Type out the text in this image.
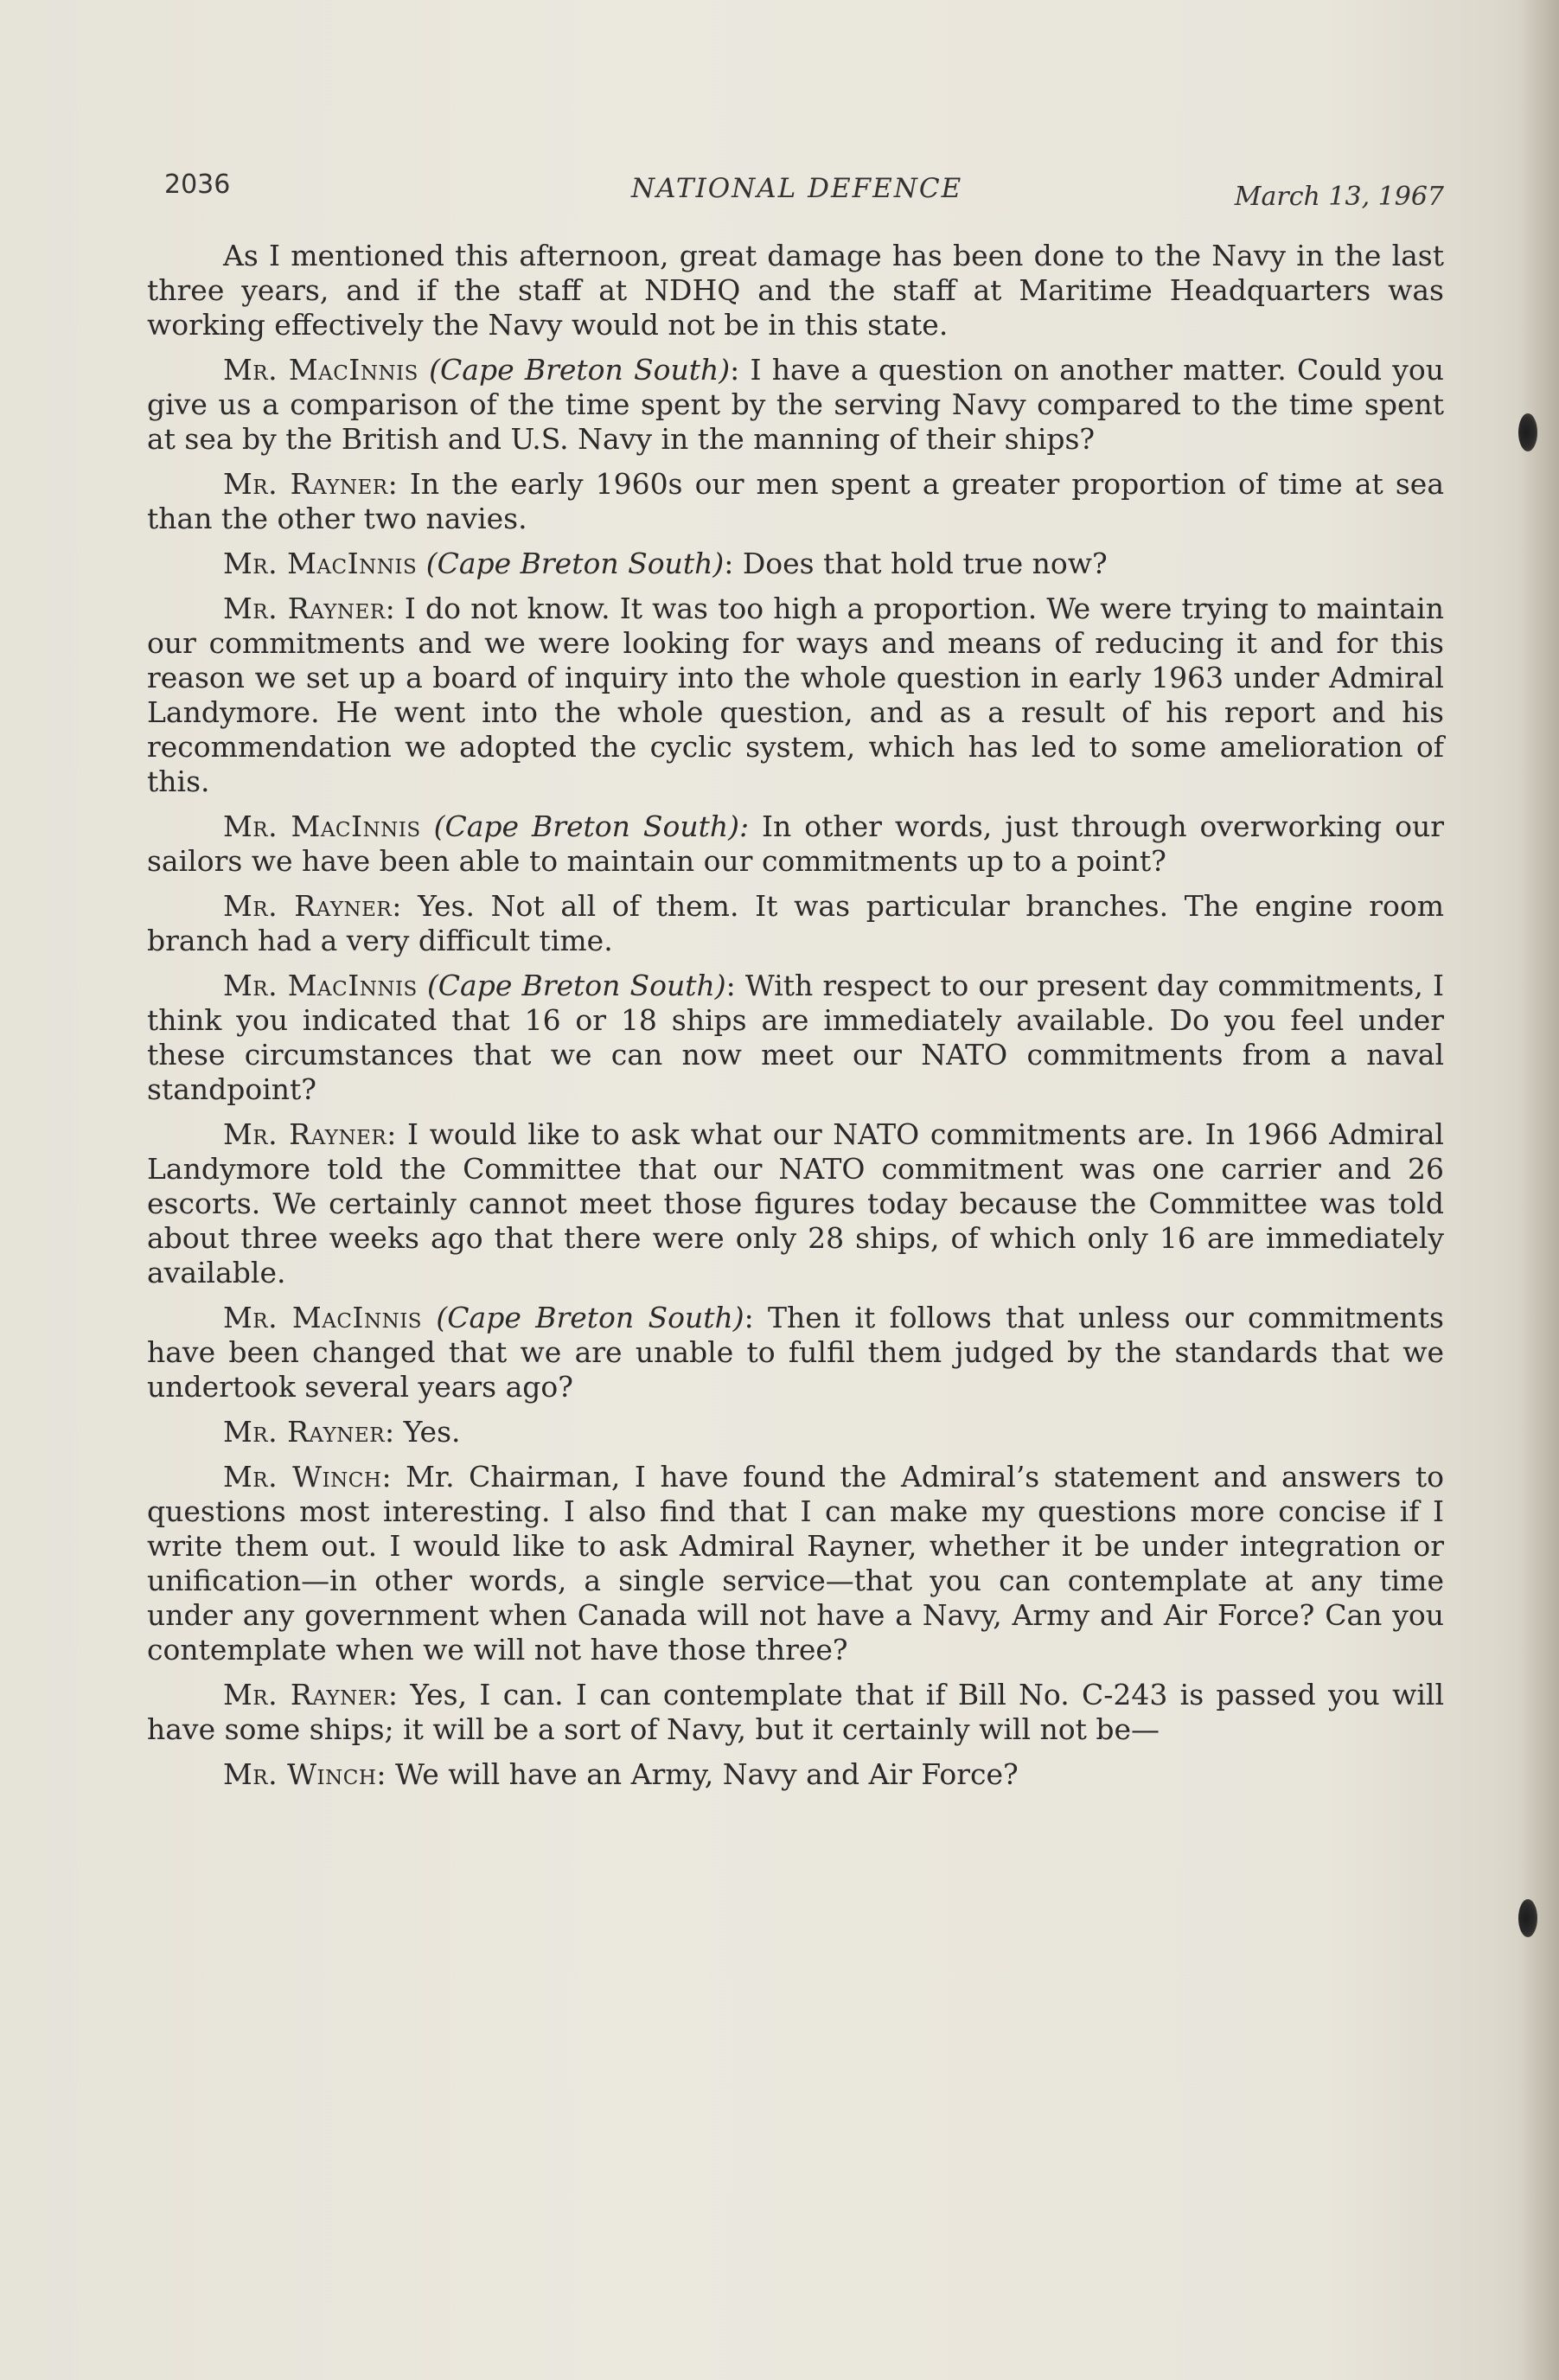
2036	NATIONAL DEFENCE	March 13, 1967

As I mentioned this afternoon, great damage has been done to the Navy in the last three years, and if the staff at NDHQ and the staff at Maritime Headquarters was working effectively the Navy would not be in this state.

Mr. MacInnis (Cape Breton South): I have a question on another matter. Could you give us a comparison of the time spent by the serving Navy compared to the time spent at sea by the British and U.S. Navy in the manning of their ships?

Mr. Rayner: In the early 1960s our men spent a greater proportion of time at sea than the other two navies.

Mr. MacInnis (Cape Breton South): Does that hold true now?

Mr. Rayner: I do not know. It was too high a proportion. We were trying to maintain our commitments and we were looking for ways and means of reducing it and for this reason we set up a board of inquiry into the whole question in early 1963 under Admiral Landymore. He went into the whole question, and as a result of his report and his recommendation we adopted the cyclic system, which has led to some amelioration of this.

Mr. MacInnis (Cape Breton South): In other words, just through overworking our sailors we have been able to maintain our commitments up to a point?

Mr. Rayner: Yes. Not all of them. It was particular branches. The engine room branch had a very difficult time.

Mr. MacInnis (Cape Breton South): With respect to our present day commitments, I think you indicated that 16 or 18 ships are immediately available. Do you feel under these circumstances that we can now meet our NATO commitments from a naval standpoint?

Mr. Rayner: I would like to ask what our NATO commitments are. In 1966 Admiral Landymore told the Committee that our NATO commitment was one carrier and 26 escorts. We certainly cannot meet those figures today because the Committee was told about three weeks ago that there were only 28 ships, of which only 16 are immediately available.

Mr. MacInnis (Cape Breton South): Then it follows that unless our commitments have been changed that we are unable to fulfil them judged by the standards that we undertook several years ago?

Mr. Rayner: Yes.

Mr. Winch: Mr. Chairman, I have found the Admiral’s statement and answers to questions most interesting. I also find that I can make my questions more concise if I write them out. I would like to ask Admiral Rayner, whether it be under integration or unification—in other words, a single service—that you can contemplate at any time under any government when Canada will not have a Navy, Army and Air Force? Can you contemplate when we will not have those three?

Mr. Rayner: Yes, I can. I can contemplate that if Bill No. C-243 is passed you will have some ships; it will be a sort of Navy, but it certainly will not be—

Mr. Winch: We will have an Army, Navy and Air Force?
